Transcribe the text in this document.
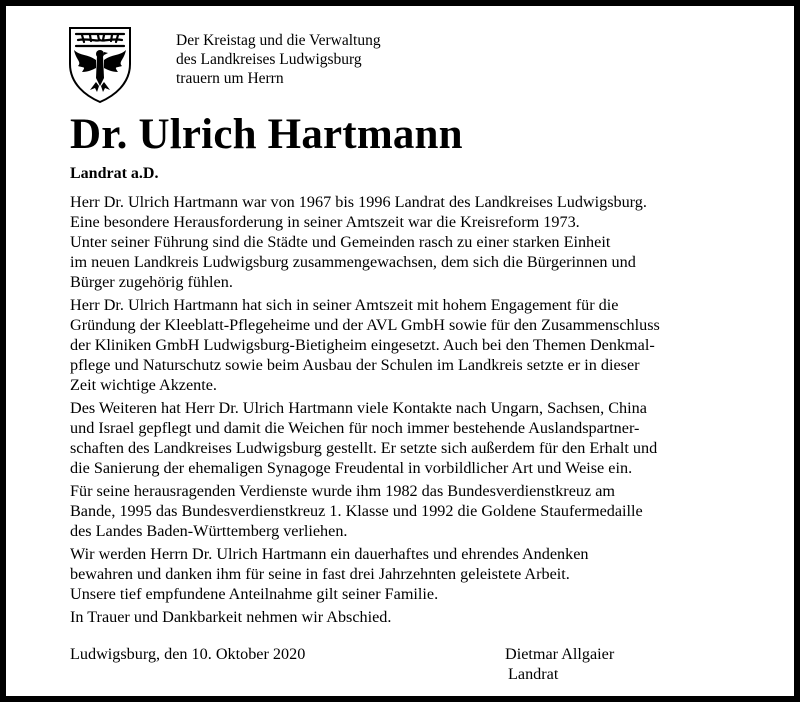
Der Kreistag und die Verwaltung
des Landkreises Ludwigsburg
trauern um Herrn
Dr. Ulrich Hartmann
Landrat a.D.
Herr Dr. Ulrich Hartmann war von 1967 bis 1996 Landrat des Landkreises Ludwigsburg.
Eine besondere Herausforderung in seiner Amtszeit war die Kreisreform 1973.
Unter seiner Führung sind die Städte und Gemeinden rasch zu einer starken Einheit
im neuen Landkreis Ludwigsburg zusammengewachsen, dem sich die Bürgerinnen und
Bürger zugehörig fühlen.
Herr Dr. Ulrich Hartmann hat sich in seiner Amtszeit mit hohem Engagement für die
Gründung der Kleeblatt-Pflegeheime und der AVL GmbH sowie für den Zusammenschluss
der Kliniken GmbH Ludwigsburg-Bietigheim eingesetzt. Auch bei den Themen Denkmal-
pflege und Naturschutz sowie beim Ausbau der Schulen im Landkreis setzte er in dieser
Zeit wichtige Akzente.
Des Weiteren hat Herr Dr. Ulrich Hartmann viele Kontakte nach Ungarn, Sachsen, China
und Israel gepflegt und damit die Weichen für noch immer bestehende Auslandspartner-
schaften des Landkreises Ludwigsburg gestellt. Er setzte sich außerdem für den Erhalt und
die Sanierung der ehemaligen Synagoge Freudental in vorbildlicher Art und Weise ein.
Für seine herausragenden Verdienste wurde ihm 1982 das Bundesverdienstkreuz am
Bande, 1995 das Bundesverdienstkreuz 1. Klasse und 1992 die Goldene Staufermedaille
des Landes Baden-Württemberg verliehen.
Wir werden Herrn Dr. Ulrich Hartmann ein dauerhaftes und ehrendes Andenken
bewahren und danken ihm für seine in fast drei Jahrzehnten geleistete Arbeit.
Unsere tief empfundene Anteilnahme gilt seiner Familie.
In Trauer und Dankbarkeit nehmen wir Abschied.
Ludwigsburg, den 10. Oktober 2020	Dietmar Allgaier
Landrat
